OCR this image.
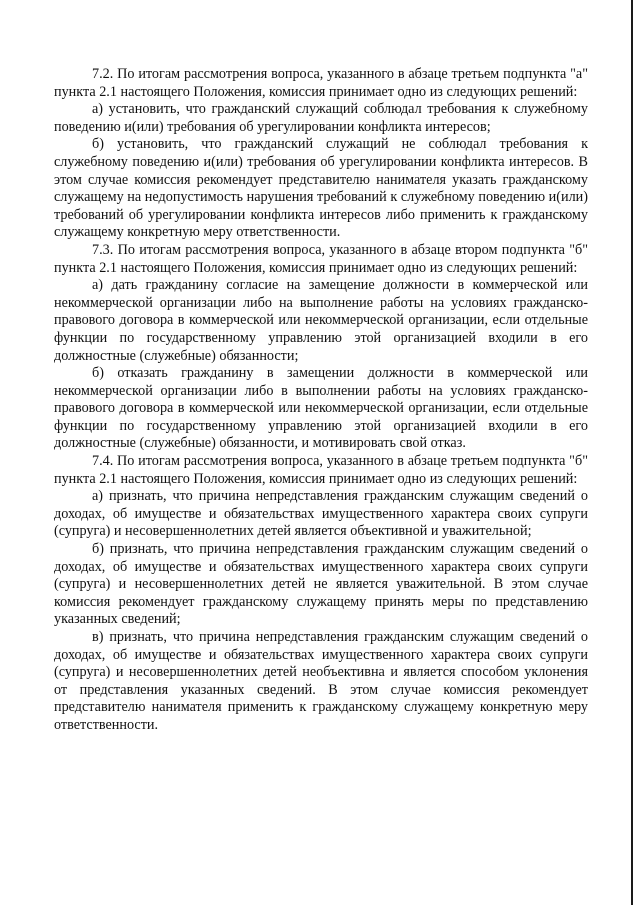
7.2. По итогам рассмотрения вопроса, указанного в абзаце третьем подпункта "а" пункта 2.1 настоящего Положения, комиссия принимает одно из следующих решений:

а) установить, что гражданский служащий соблюдал требования к служебному поведению и(или) требования об урегулировании конфликта интересов;

б) установить, что гражданский служащий не соблюдал требования к служебному поведению и(или) требования об урегулировании конфликта интересов. В этом случае комиссия рекомендует представителю нанимателя указать гражданскому служащему на недопустимость нарушения требований к служебному поведению и(или) требований об урегулировании конфликта интересов либо применить к гражданскому служащему конкретную меру ответственности.

7.3. По итогам рассмотрения вопроса, указанного в абзаце втором подпункта "б" пункта 2.1 настоящего Положения, комиссия принимает одно из следующих решений:

а) дать гражданину согласие на замещение должности в коммерческой или некоммерческой организации либо на выполнение работы на условиях гражданско-правового договора в коммерческой или некоммерческой организации, если отдельные функции по государственному управлению этой организацией входили в его должностные (служебные) обязанности;

б) отказать гражданину в замещении должности в коммерческой или некоммерческой организации либо в выполнении работы на условиях гражданско-правового договора в коммерческой или некоммерческой организации, если отдельные функции по государственному управлению этой организацией входили в его должностные (служебные) обязанности, и мотивировать свой отказ.

7.4. По итогам рассмотрения вопроса, указанного в абзаце третьем подпункта "б" пункта 2.1 настоящего Положения, комиссия принимает одно из следующих решений:

а) признать, что причина непредставления гражданским служащим сведений о доходах, об имуществе и обязательствах имущественного характера своих супруги (супруга) и несовершеннолетних детей является объективной и уважительной;

б) признать, что причина непредставления гражданским служащим сведений о доходах, об имуществе и обязательствах имущественного характера своих супруги (супруга) и несовершеннолетних детей не является уважительной. В этом случае комиссия рекомендует гражданскому служащему принять меры по представлению указанных сведений;

в) признать, что причина непредставления гражданским служащим сведений о доходах, об имуществе и обязательствах имущественного характера своих супруги (супруга) и несовершеннолетних детей необъективна и является способом уклонения от представления указанных сведений. В этом случае комиссия рекомендует представителю нанимателя применить к гражданскому служащему конкретную меру ответственности.
